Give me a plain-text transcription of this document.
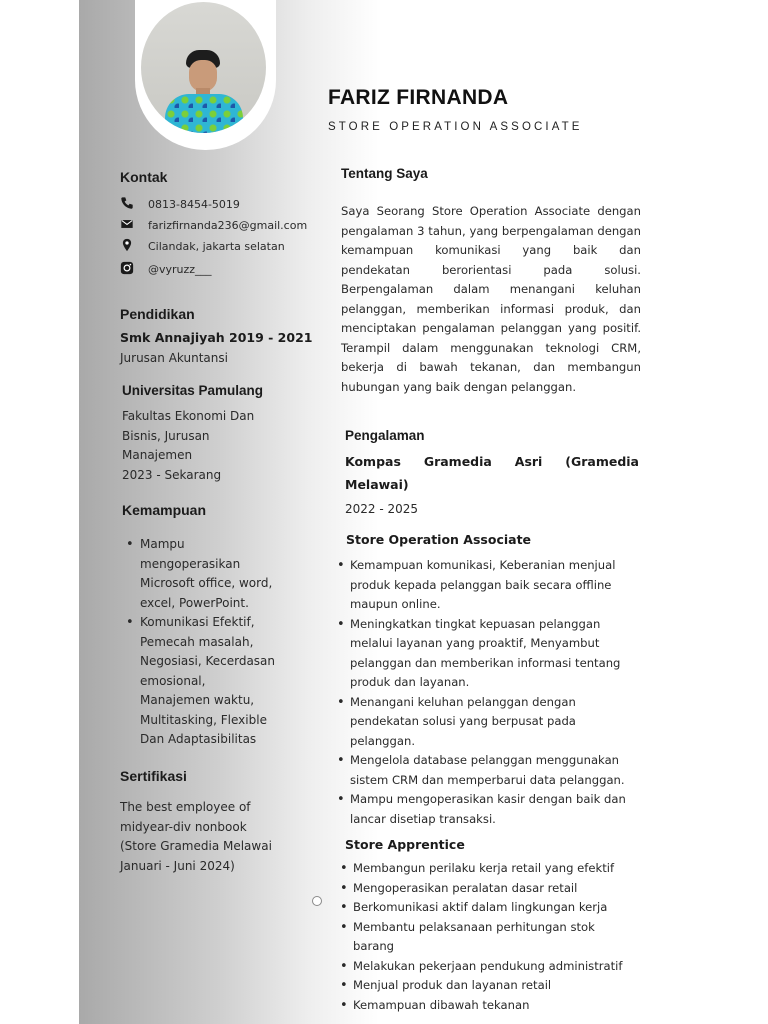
FARIZ FIRNANDA
STORE OPERATION ASSOCIATE
Kontak
0813-8454-5019
farizfirnanda236@gmail.com
Cilandak, jakarta selatan
@vyruzz___
Pendidikan
Smk Annajiyah 2019 - 2021
Jurusan Akuntansi
Universitas Pamulang
Fakultas Ekonomi Dan
Bisnis, Jurusan
Manajemen
2023 - Sekarang
Kemampuan
• Mampu
mengoperasikan
Microsoft office, word,
excel, PowerPoint.
• Komunikasi Efektif,
Pemecah masalah,
Negosiasi, Kecerdasan
emosional,
Manajemen waktu,
Multitasking, Flexible
Dan Adaptasibilitas
Sertifikasi
The best employee of
midyear-div nonbook
(Store Gramedia Melawai
Januari - Juni 2024)
Tentang Saya
Saya Seorang Store Operation Associate dengan pengalaman 3 tahun, yang berpengalaman dengan kemampuan komunikasi yang baik dan pendekatan berorientasi pada solusi. Berpengalaman dalam menangani keluhan pelanggan, memberikan informasi produk, dan menciptakan pengalaman pelanggan yang positif. Terampil dalam menggunakan teknologi CRM, bekerja di bawah tekanan, dan membangun hubungan yang baik dengan pelanggan.
Pengalaman
Kompas Gramedia Asri (Gramedia Melawai)
2022 - 2025
Store Operation Associate
• Kemampuan komunikasi, Keberanian menjual
produk kepada pelanggan baik secara offline
maupun online.
• Meningkatkan tingkat kepuasan pelanggan
melalui layanan yang proaktif, Menyambut
pelanggan dan memberikan informasi tentang
produk dan layanan.
• Menangani keluhan pelanggan dengan
pendekatan solusi yang berpusat pada
pelanggan.
• Mengelola database pelanggan menggunakan
sistem CRM dan memperbarui data pelanggan.
• Mampu mengoperasikan kasir dengan baik dan
lancar disetiap transaksi.
Store Apprentice
• Membangun perilaku kerja retail yang efektif
• Mengoperasikan peralatan dasar retail
• Berkomunikasi aktif dalam lingkungan kerja
• Membantu pelaksanaan perhitungan stok
barang
• Melakukan pekerjaan pendukung administratif
• Menjual produk dan layanan retail
• Kemampuan dibawah tekanan
